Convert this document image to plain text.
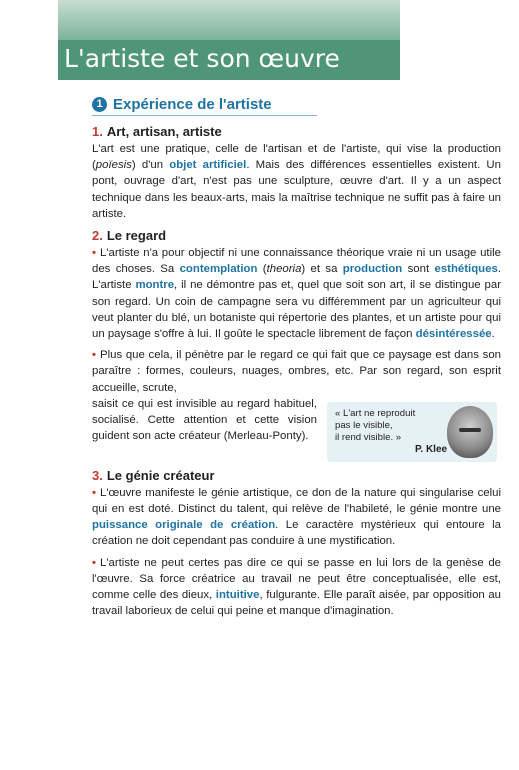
L'artiste et son œuvre
1 Expérience de l'artiste
1. Art, artisan, artiste

L'art est une pratique, celle de l'artisan et de l'artiste, qui vise la production (poïesis) d'un objet artificiel. Mais des différences essentielles existent. Un pont, ouvrage d'art, n'est pas une sculpture, œuvre d'art. Il y a un aspect technique dans les beaux-arts, mais la maîtrise technique ne suffit pas à faire un artiste.

2. Le regard

• L'artiste n'a pour objectif ni une connaissance théorique vraie ni un usage utile des choses. Sa contemplation (theoria) et sa production sont esthétiques. L'artiste montre, il ne démontre pas et, quel que soit son art, il se distingue par son regard. Un coin de campagne sera vu différemment par un agriculteur qui veut planter du blé, un botaniste qui répertorie des plantes, et un artiste pour qui un paysage s'offre à lui. Il goûte le spectacle librement de façon désintéressée.

• Plus que cela, il pénètre par le regard ce qui fait que ce paysage est dans son paraître : formes, couleurs, nuages, ombres, etc. Par son regard, son esprit accueille, scrute,

saisit ce qui est invisible au regard habituel, socialisé. Cette attention et cette vision guident son acte créateur (Merleau-Ponty).

« L'art ne reproduit
pas le visible,
il rend visible. »
P. Klee
3. Le génie créateur

• L'œuvre manifeste le génie artistique, ce don de la nature qui singularise celui qui en est doté. Distinct du talent, qui relève de l'habileté, le génie montre une puissance originale de création. Le caractère mystérieux qui entoure la création ne doit cependant pas conduire à une mystification.

• L'artiste ne peut certes pas dire ce qui se passe en lui lors de la genèse de l'œuvre. Sa force créatrice au travail ne peut être conceptualisée, elle est, comme celle des dieux, intuitive, fulgurante. Elle paraît aisée, par opposition au travail laborieux de celui qui peine et manque d'imagination.
